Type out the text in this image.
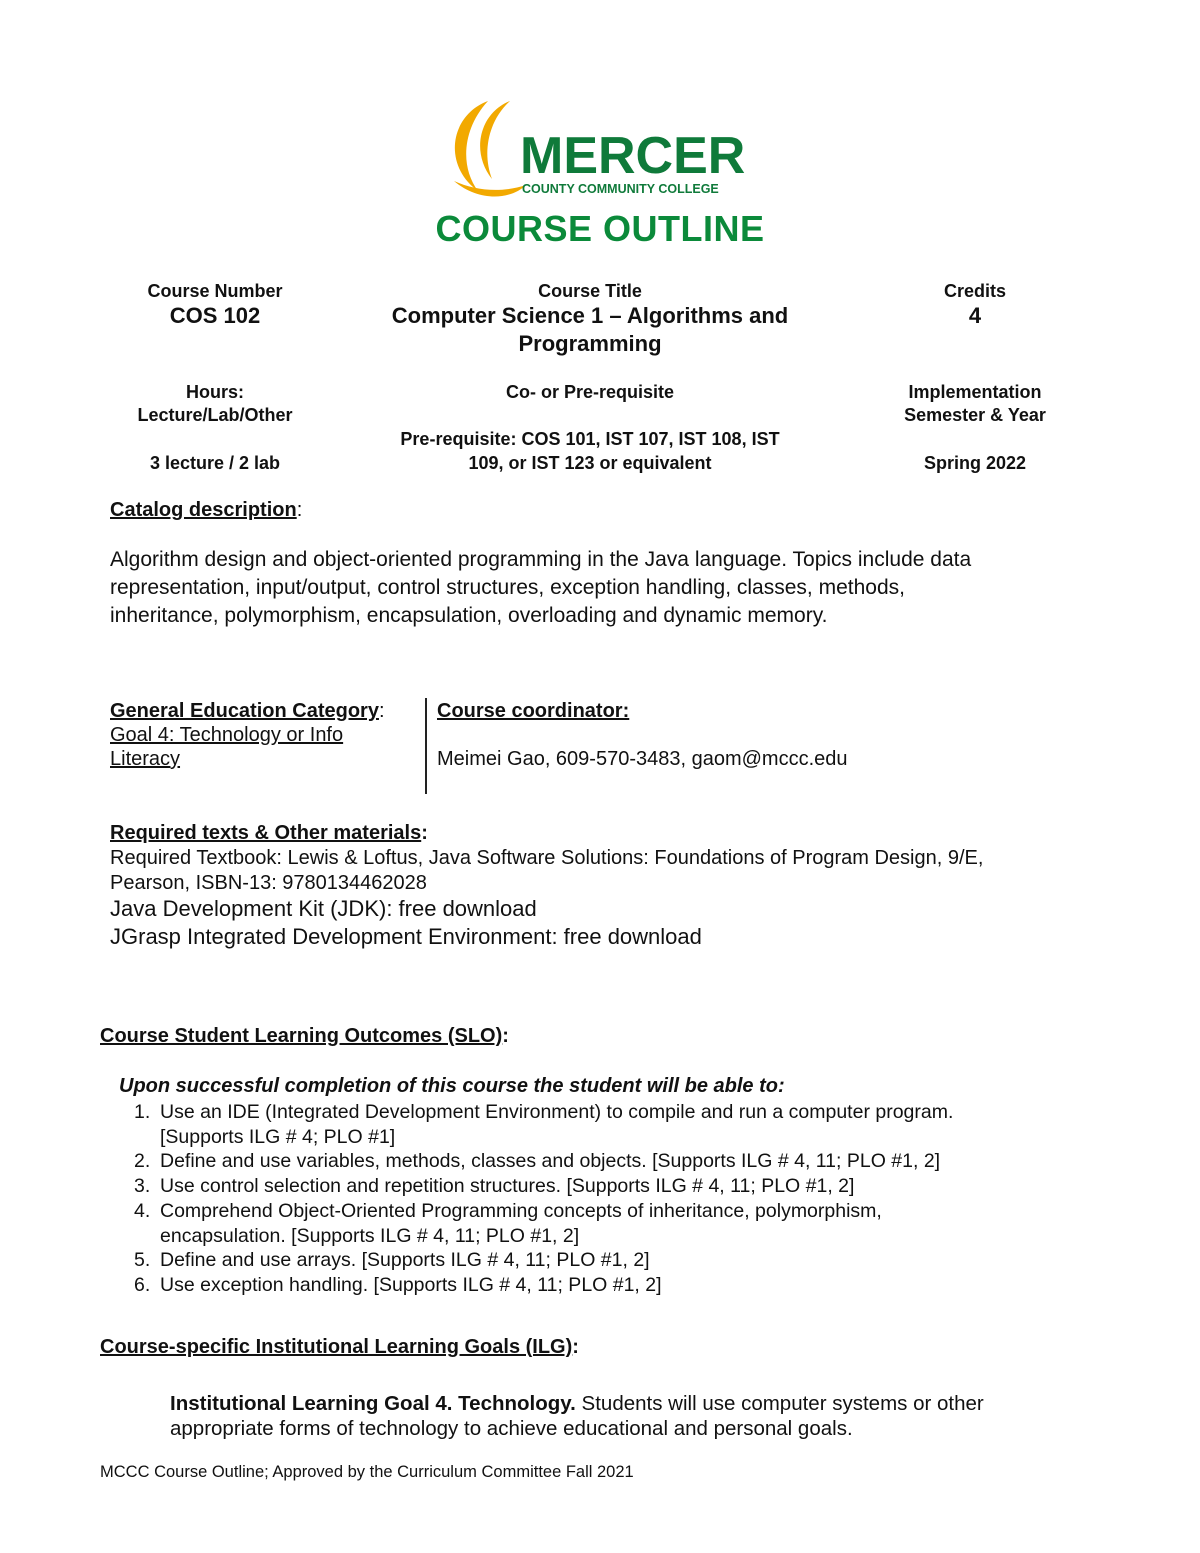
MERCER
COUNTY COMMUNITY COLLEGE
COURSE OUTLINE
Course Number
COS 102
Course Title
Computer Science 1 – Algorithms and
Programming
Credits
4
Hours:
Lecture/Lab/Other
3 lecture / 2 lab
Co- or Pre-requisite
Pre-requisite: COS 101, IST 107, IST 108, IST
109, or IST 123 or equivalent
Implementation
Semester & Year
Spring 2022
Catalog description:
Algorithm design and object-oriented programming in the Java language. Topics include data
representation, input/output, control structures, exception handling, classes, methods,
inheritance, polymorphism, encapsulation, overloading and dynamic memory.
General Education Category:
Goal 4: Technology or Info
Literacy
Course coordinator:
Meimei Gao, 609-570-3483, gaom@mccc.edu
Required texts & Other materials:
Required Textbook: Lewis & Loftus, Java Software Solutions: Foundations of Program Design, 9/E,
Pearson, ISBN-13: 9780134462028
Java Development Kit (JDK): free download
JGrasp Integrated Development Environment: free download
Course Student Learning Outcomes (SLO):
Upon successful completion of this course the student will be able to:
1. Use an IDE (Integrated Development Environment) to compile and run a computer program.
[Supports ILG # 4; PLO #1]
2. Define and use variables, methods, classes and objects. [Supports ILG # 4, 11; PLO #1, 2]
3. Use control selection and repetition structures. [Supports ILG # 4, 11; PLO #1, 2]
4. Comprehend Object-Oriented Programming concepts of inheritance, polymorphism,
encapsulation. [Supports ILG # 4, 11; PLO #1, 2]
5. Define and use arrays. [Supports ILG # 4, 11; PLO #1, 2]
6. Use exception handling. [Supports ILG # 4, 11; PLO #1, 2]
Course-specific Institutional Learning Goals (ILG):
Institutional Learning Goal 4. Technology. Students will use computer systems or other
appropriate forms of technology to achieve educational and personal goals.
MCCC Course Outline; Approved by the Curriculum Committee Fall 2021
